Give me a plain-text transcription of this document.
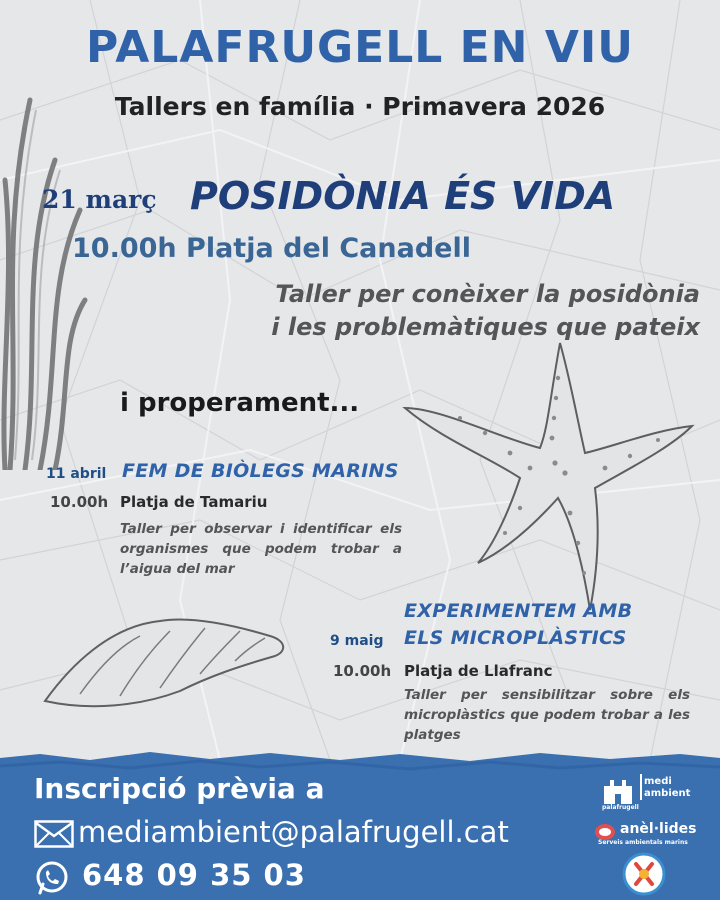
PALAFRUGELL EN VIU
Tallers en família · Primavera 2026
21 març POSIDÒNIA ÉS VIDA
10.00h Platja del Canadell
Taller per conèixer la posidònia
i les problemàtiques que pateix
i properament...
11 abril FEM DE BIÒLEGS MARINS
10.00h Platja de Tamariu
Taller per observar i identificar els organismes que podem trobar a l’aigua del mar
EXPERIMENTEM AMB
ELS MICROPLÀSTICS
9 maig
10.00h Platja de Llafranc
Taller per sensibilitzar sobre els microplàstics que podem trobar a les platges
Inscripció prèvia a
mediambient@palafrugell.cat
648 09 35 03
palafrugell
medi
ambient
anèl·lides
Serveis ambientals marins
